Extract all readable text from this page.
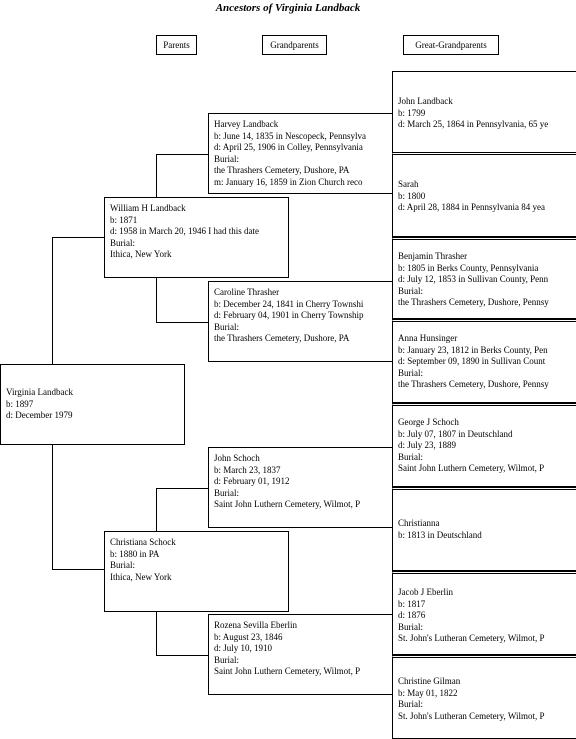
Ancestors of Virginia Landback
Parents	Grandparents	Great-Grandparents
Virginia Landback
b: 1897
d: December 1979
William H Landback
b: 1871
d: 1958 in March 20, 1946 I had this date
Burial:
Ithica, New York
Christiana Schock
b: 1880 in PA
Burial:
Ithica, New York
Harvey Landback
b: June 14, 1835 in Nescopeck, Pennsylva
d: April 25, 1906 in Colley, Pennsylvania
Burial:
the Thrashers Cemetery, Dushore, PA
m: January 16, 1859 in Zion Church reco
Caroline Thrasher
b: December 24, 1841 in Cherry Townshi
d: February 04, 1901 in Cherry Township
Burial:
the Thrashers Cemetery, Dushore, PA
John Schoch
b: March 23, 1837
d: February 01, 1912
Burial:
Saint John Luthern Cemetery, Wilmot, P
Rozena Sevilla Eberlin
b: August 23, 1846
d: July 10, 1910
Burial:
Saint John Luthern Cemetery, Wilmot, P
John Landback
b: 1799
d: March 25, 1864 in Pennsylvania, 65 ye
Sarah
b: 1800
d: April 28, 1884 in Pennsylvania 84 yea
Benjamin Thrasher
b: 1805 in Berks County, Pennsylvania
d: July 12, 1853 in Sullivan County, Penn
Burial:
the Thrashers Cemetery, Dushore, Pennsy
Anna Hunsinger
b: January 23, 1812 in Berks County, Pen
d: September 09, 1890 in Sullivan Count
Burial:
the Thrashers Cemetery, Dushore, Pennsy
George J Schoch
b: July 07, 1807 in Deutschland
d: July 23, 1889
Burial:
Saint John Luthern Cemetery, Wilmot, P
Christianna
b: 1813 in Deutschland
Jacob J Eberlin
b: 1817
d: 1876
Burial:
St. John's Lutheran Cemetery, Wilmot, P
Christine Gilman
b: May 01, 1822
Burial:
St. John's Lutheran Cemetery, Wilmot, P
